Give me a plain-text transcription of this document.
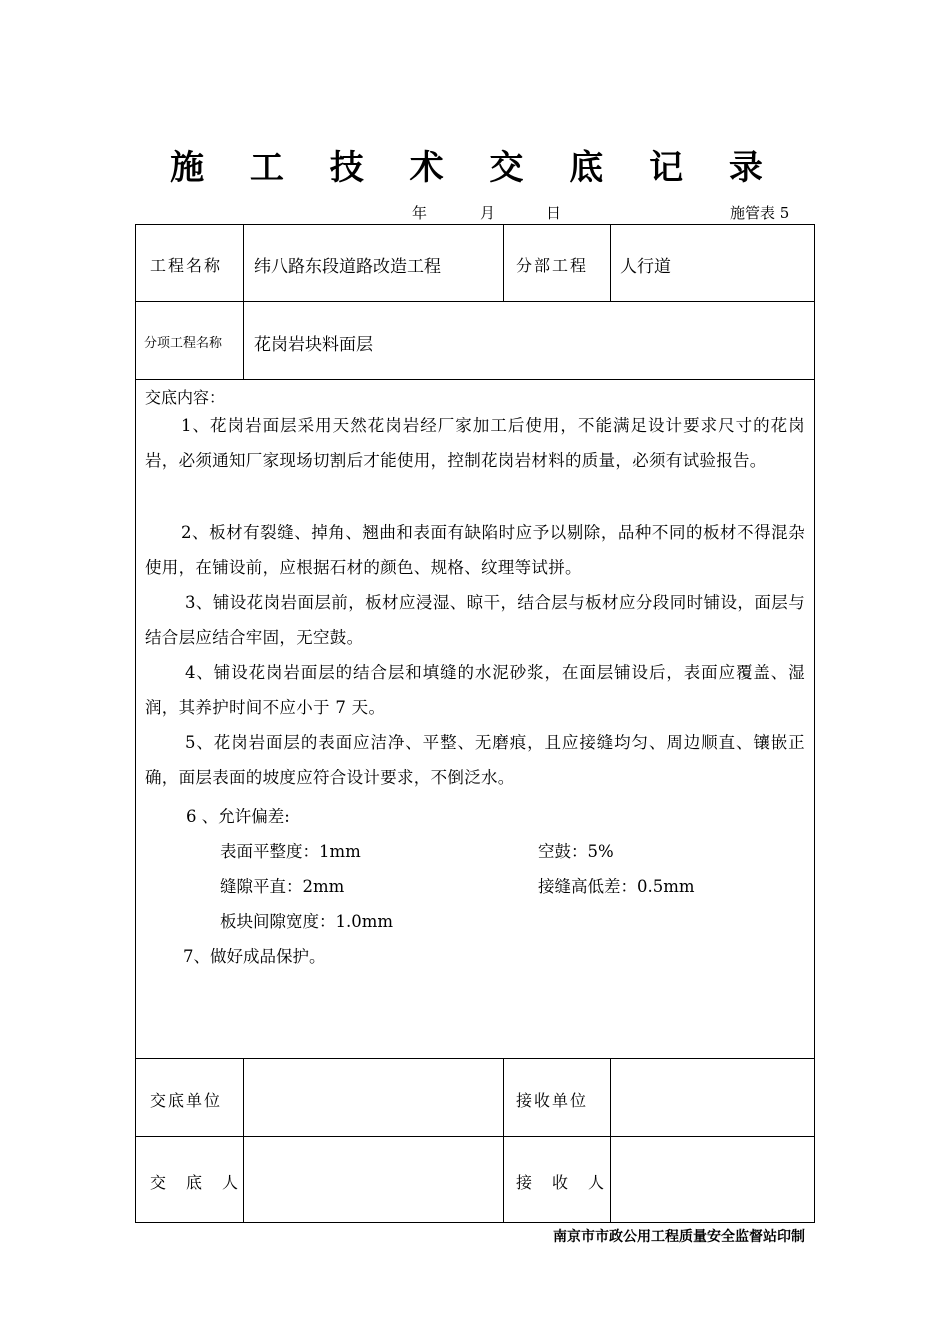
施 工 技 术 交 底 记 录
年	月	日	施管表 5
工程名称 纬八路东段道路改造工程	分部工程 人行道
分项工程名称 花岗岩块料面层
交底内容：
1、花岗岩面层采用天然花岗岩经厂家加工后使用，不能满足设计要求尺寸的花岗岩，必须通知厂家现场切割后才能使用，控制花岗岩材料的质量，必须有试验报告。
2、板材有裂缝、掉角、翘曲和表面有缺陷时应予以剔除，品种不同的板材不得混杂使用，在铺设前，应根据石材的颜色、规格、纹理等试拼。
3、铺设花岗岩面层前，板材应浸湿、晾干，结合层与板材应分段同时铺设，面层与结合层应结合牢固，无空鼓。
4、铺设花岗岩面层的结合层和填缝的水泥砂浆，在面层铺设后，表面应覆盖、湿润，其养护时间不应小于 7 天。
5、花岗岩面层的表面应洁净、平整、无磨痕，且应接缝均匀、周边顺直、镶嵌正确，面层表面的坡度应符合设计要求，不倒泛水。
6 、允许偏差:
表面平整度：1mm	空鼓：5%
缝隙平直：2mm	接缝高低差：0.5mm
板块间隙宽度：1.0mm
7、做好成品保护。
交底单位	接收单位
交　底　人	接　收　人
南京市市政公用工程质量安全监督站印制
